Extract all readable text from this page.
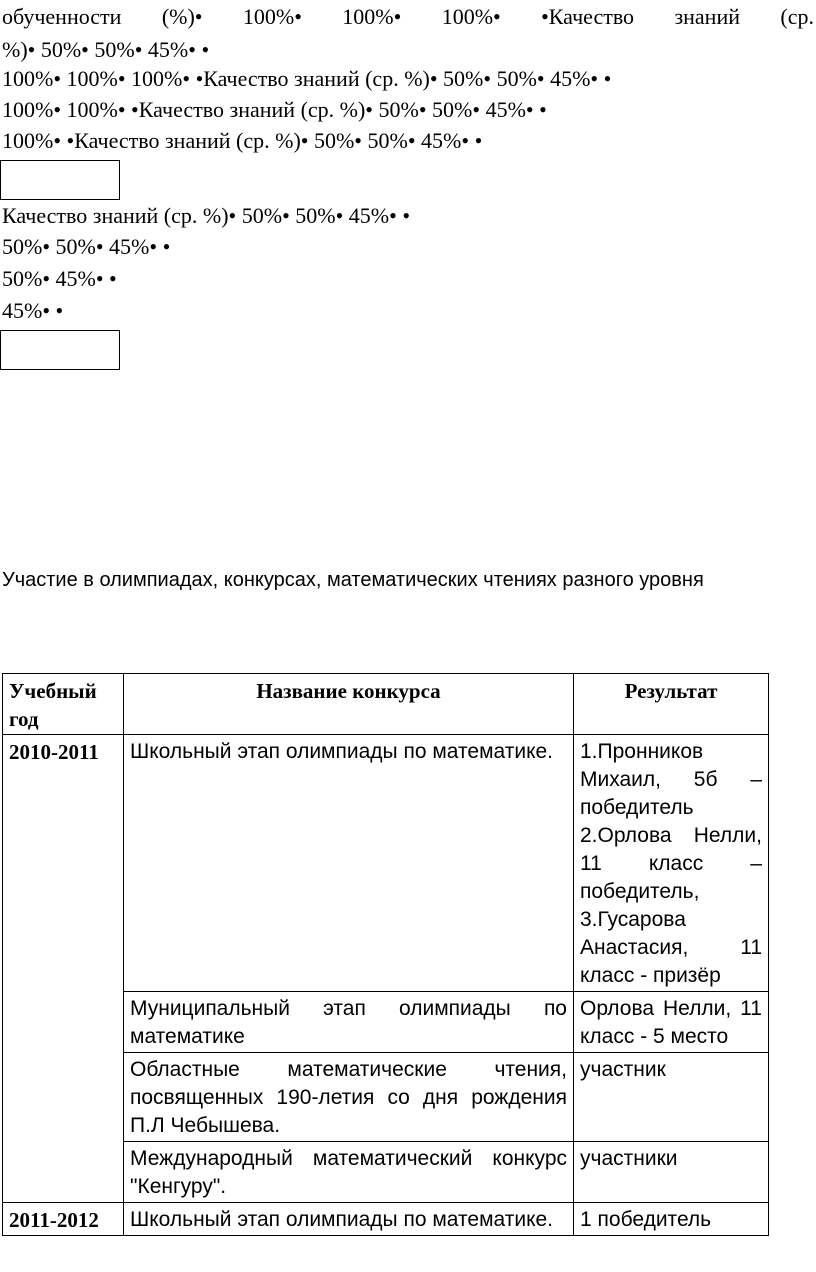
обученности (%)• 100%• 100%• 100%• •Качество знаний (ср.
%)• 50%• 50%• 45%• •
100%• 100%• 100%• •Качество знаний (ср. %)• 50%• 50%• 45%• •
100%• 100%• •Качество знаний (ср. %)• 50%• 50%• 45%• •
100%• •Качество знаний (ср. %)• 50%• 50%• 45%• •
Качество знаний (ср. %)• 50%• 50%• 45%• •
50%• 50%• 45%• •
50%• 45%• •
45%• •
Участие в олимпиадах, конкурсах, математических чтениях разного уровня
Учебный год	Название конкурса	Результат
2010-2011	Школьный этап олимпиады по математике.	1.Пронников Михаил, 5б – победитель 2.Орлова Нелли, 11 класс – победитель, 3.Гусарова Анастасия, 11 класс - призёр
	Муниципальный этап олимпиады по математике	Орлова Нелли, 11 класс - 5 место
	Областные математические чтения, посвященных 190-летия со дня рождения П.Л Чебышева.	участник
	Международный математический конкурс "Кенгуру".	участники
2011-2012	Школьный этап олимпиады по математике.	1 победитель
